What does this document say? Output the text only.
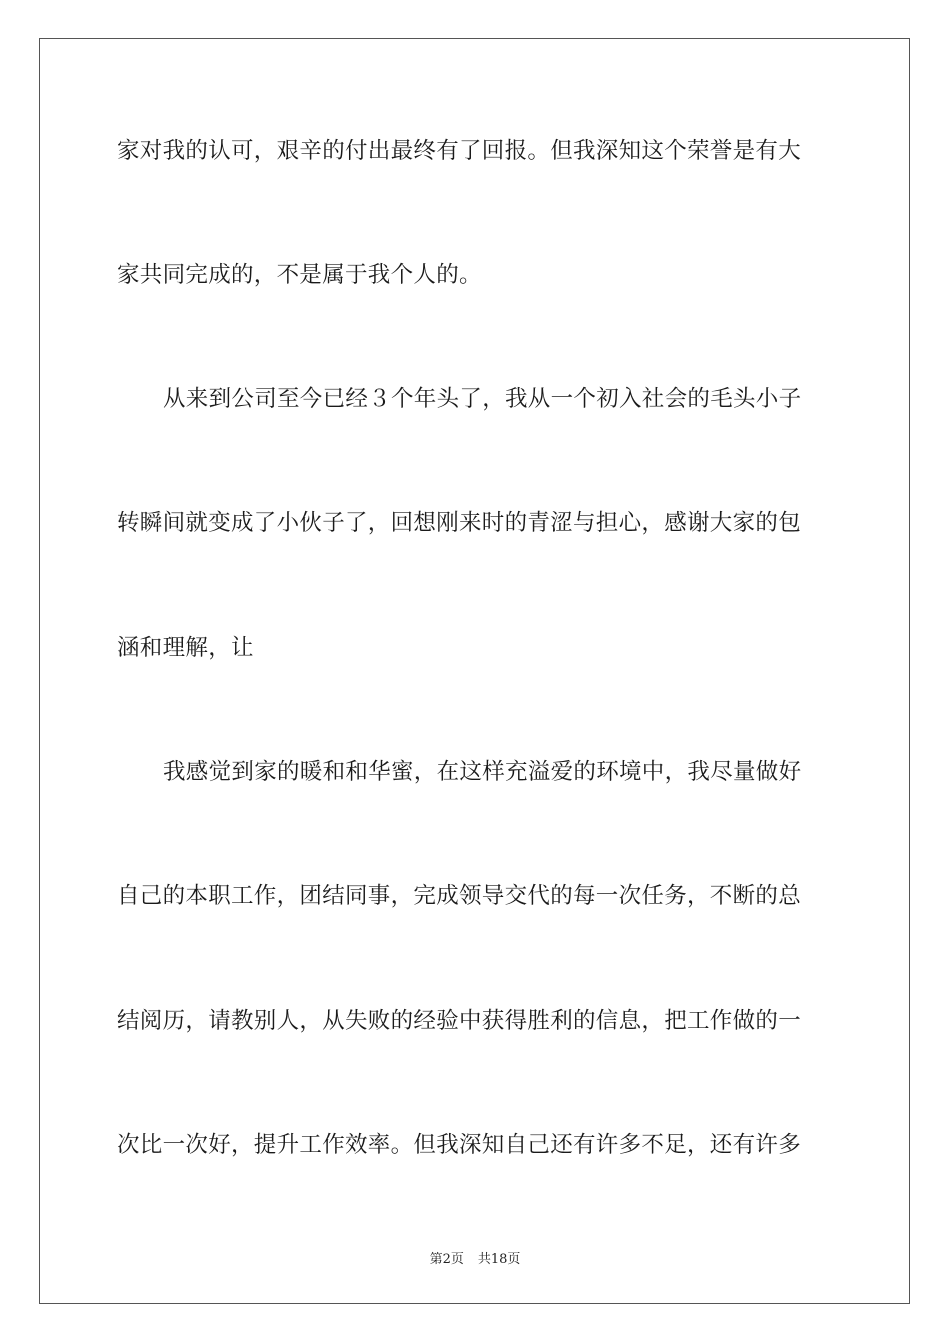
家对我的认可，艰辛的付出最终有了回报。但我深知这个荣誉是有大
家共同完成的，不是属于我个人的。
从来到公司至今已经３个年头了，我从一个初入社会的毛头小子
转瞬间就变成了小伙子了，回想刚来时的青涩与担心，感谢大家的包
涵和理解，让
我感觉到家的暖和和华蜜，在这样充溢爱的环境中，我尽量做好
自己的本职工作，团结同事，完成领导交代的每一次任务，不断的总
结阅历，请教别人，从失败的经验中获得胜利的信息，把工作做的一
次比一次好，提升工作效率。但我深知自己还有许多不足，还有许多
第2页 共18页
